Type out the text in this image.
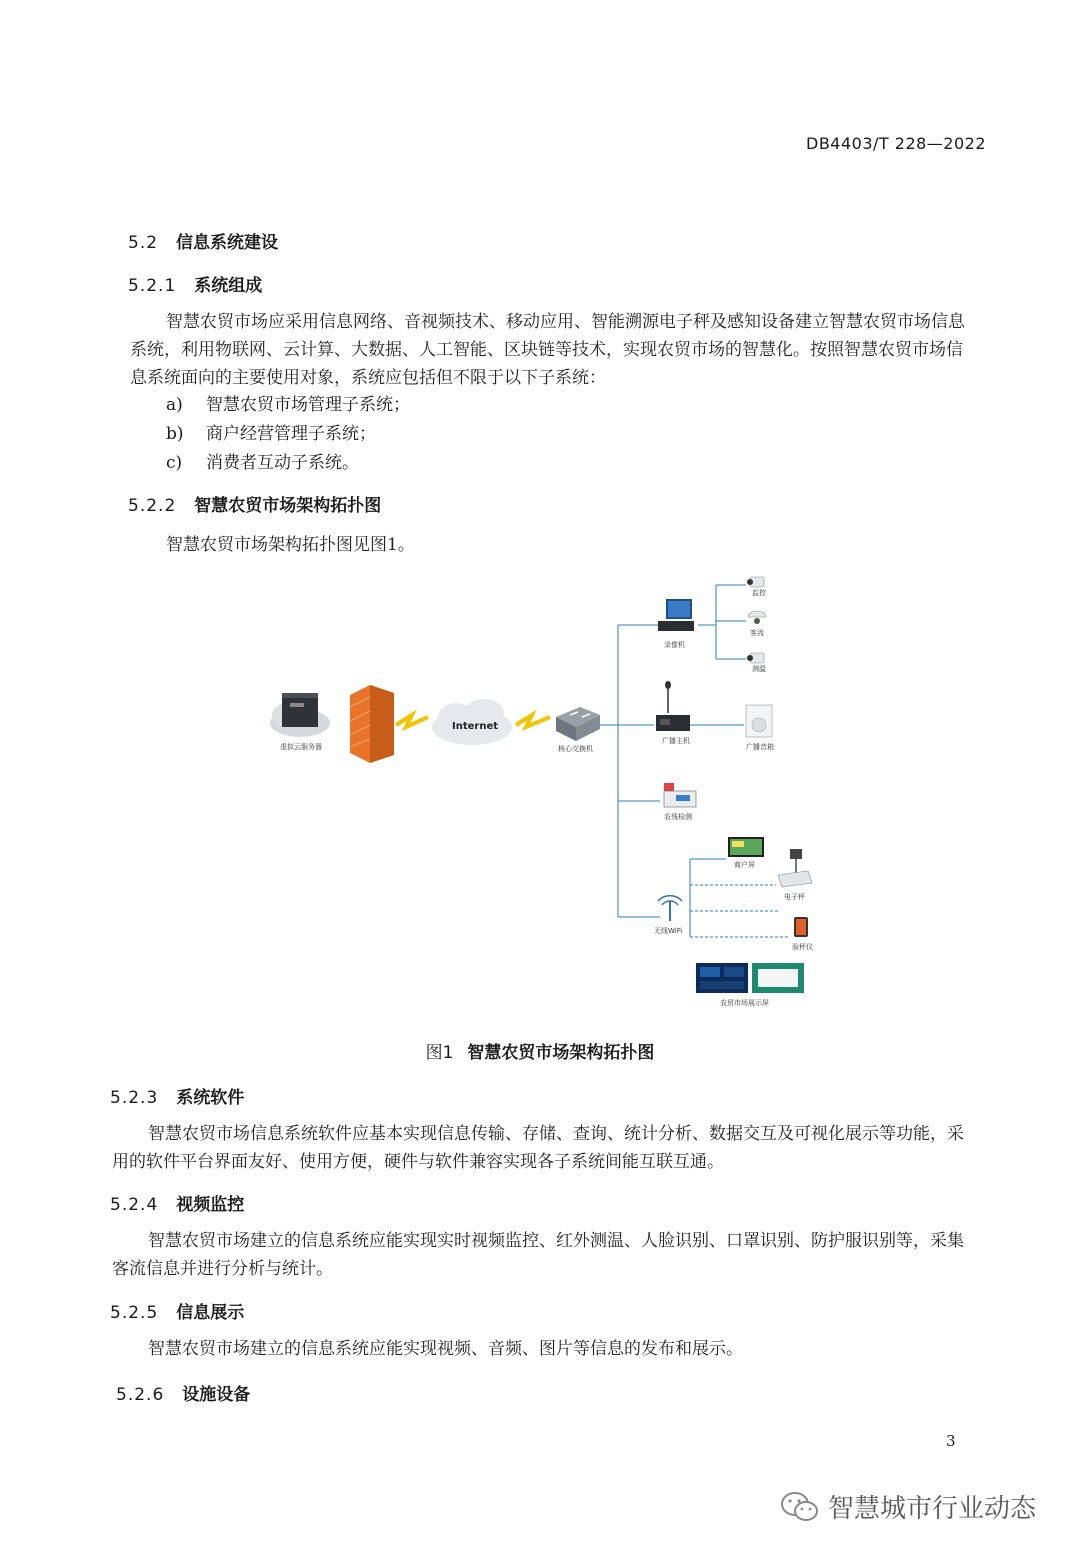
DB4403/T 228—2022
5.2 信息系统建设
5.2.1 系统组成
智慧农贸市场应采用信息网络、音视频技术、移动应用、智能溯源电子秤及感知设备建立智慧农贸市场信息系统，利用物联网、云计算、大数据、人工智能、区块链等技术，实现农贸市场的智慧化。按照智慧农贸市场信息系统面向的主要使用对象，系统应包括但不限于以下子系统：
a) 智慧农贸市场管理子系统；
b) 商户经营管理子系统；
c) 消费者互动子系统。
5.2.2 智慧农贸市场架构拓扑图
智慧农贸市场架构拓扑图见图1。
虚拟云服务器
Internet
核心交换机
录像机
监控
客流
测温
广播主机
广播音箱
农残检测
无线WiFi
商户屏
电子秤
验秤仪
农贸市场展示屏
图1 智慧农贸市场架构拓扑图
5.2.3 系统软件
智慧农贸市场信息系统软件应基本实现信息传输、存储、查询、统计分析、数据交互及可视化展示等功能，采用的软件平台界面友好、使用方便，硬件与软件兼容实现各子系统间能互联互通。
5.2.4 视频监控
智慧农贸市场建立的信息系统应能实现实时视频监控、红外测温、人脸识别、口罩识别、防护服识别等，采集客流信息并进行分析与统计。
5.2.5 信息展示
智慧农贸市场建立的信息系统应能实现视频、音频、图片等信息的发布和展示。
5.2.6 设施设备
3
智慧城市行业动态
